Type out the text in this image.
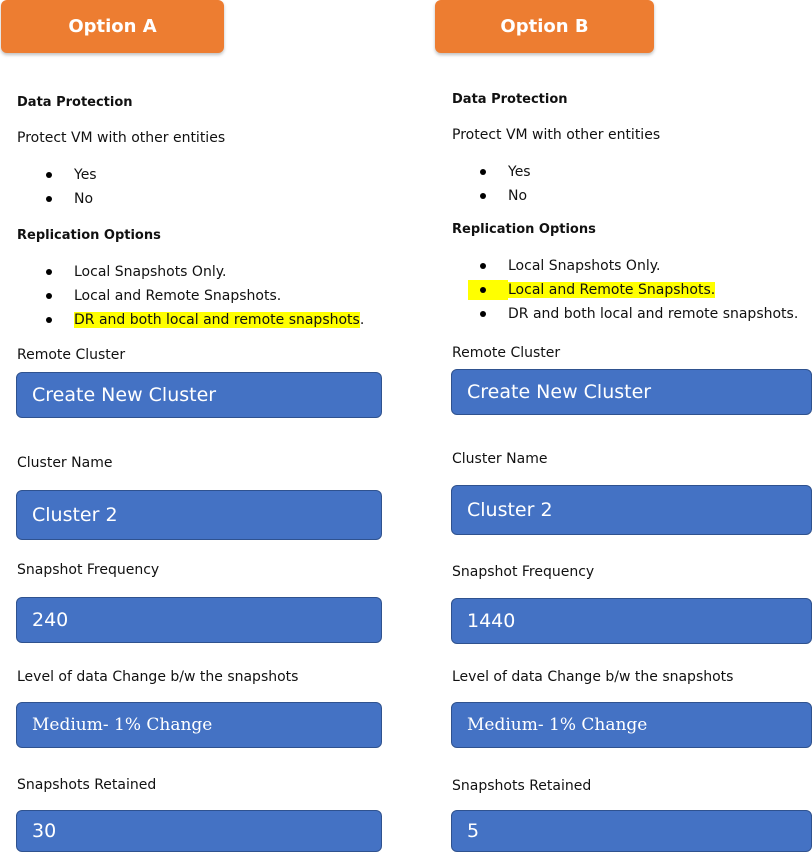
Option A
Data Protection
Protect VM with other entities
Yes
No
Replication Options
Local Snapshots Only.
Local and Remote Snapshots.
DR and both local and remote snapshots.
Remote Cluster
Create New Cluster
Cluster Name
Cluster 2
Snapshot Frequency
240
Level of data Change b/w the snapshots
Medium- 1% Change
Snapshots Retained
30
Option B
Data Protection
Protect VM with other entities
Yes
No
Replication Options
Local Snapshots Only.
Local and Remote Snapshots.
DR and both local and remote snapshots.
Remote Cluster
Create New Cluster
Cluster Name
Cluster 2
Snapshot Frequency
1440
Level of data Change b/w the snapshots
Medium- 1% Change
Snapshots Retained
5
